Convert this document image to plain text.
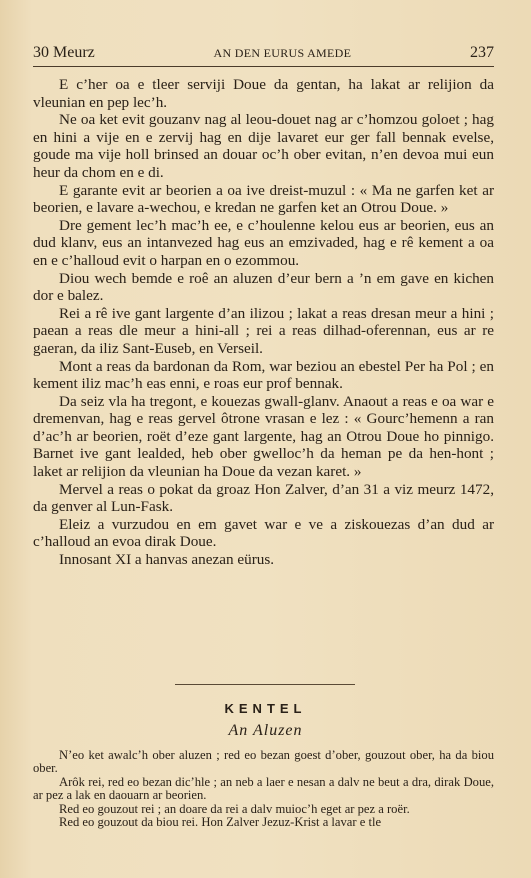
30 Meurz	AN DEN EURUS AMEDE	237

E c’her oa e tleer serviji Doue da gentan, ha lakat ar relijion da vleunian en pep lec’h.

Ne oa ket evit gouzanv nag al leou-douet nag ar c’homzou goloet ; hag en hini a vije en e zervij hag en dije lavaret eur ger fall bennak evelse, goude ma vije holl brinsed an douar oc’h ober evitan, n’en devoa mui eun heur da chom en e di.

E garante evit ar beorien a oa ive dreist-muzul : « Ma ne garfen ket ar beorien, e lavare a-wechou, e kredan ne garfen ket an Otrou Doue. »

Dre gement lec’h mac’h ee, e c’houlenne kelou eus ar beorien, eus an dud klanv, eus an intanvezed hag eus an emzivaded, hag e rê kement a oa en e c’halloud evit o harpan en o ezommou.

Diou wech bemde e roê an aluzen d’eur bern a ’n em gave en kichen dor e balez.

Rei a rê ive gant largente d’an ilizou ; lakat a reas dresan meur a hini ; paean a reas dle meur a hini-all ; rei a reas dilhad-oferennan, eus ar re gaeran, da iliz Sant-Euseb, en Verseil.

Mont a reas da bardonan da Rom, war beziou an ebestel Per ha Pol ; en kement iliz mac’h eas enni, e roas eur prof bennak.

Da seiz vla ha tregont, e kouezas gwall-glanv. Anaout a reas e oa war e dremenvan, hag e reas gervel ôtrone vrasan e lez : « Gourc’hemenn a ran d’ac’h ar beorien, roët d’eze gant largente, hag an Otrou Doue ho pinnigo. Barnet ive gant lealded, heb ober gwelloc’h da heman pe da hen-hont ; laket ar relijion da vleunian ha Doue da vezan karet. »

Mervel a reas o pokat da groaz Hon Zalver, d’an 31 a viz meurz 1472, da genver al Lun-Fask.

Eleiz a vurzudou en em gavet war e ve a ziskouezas d’an dud ar c’halloud an evoa dirak Doue.

Innosant XI a hanvas anezan eürus.

KENTEL
An Aluzen

N’eo ket awalc’h ober aluzen ; red eo bezan goest d’ober, gouzout ober, ha da biou ober.

Arôk rei, red eo bezan dic’hle ; an neb a laer e nesan a dalv ne beut a dra, dirak Doue, ar pez a lak en daouarn ar beorien.

Red eo gouzout rei ; an doare da rei a dalv muioc’h eget ar pez a roër.

Red eo gouzout da biou rei. Hon Zalver Jezuz-Krist a lavar e tle
